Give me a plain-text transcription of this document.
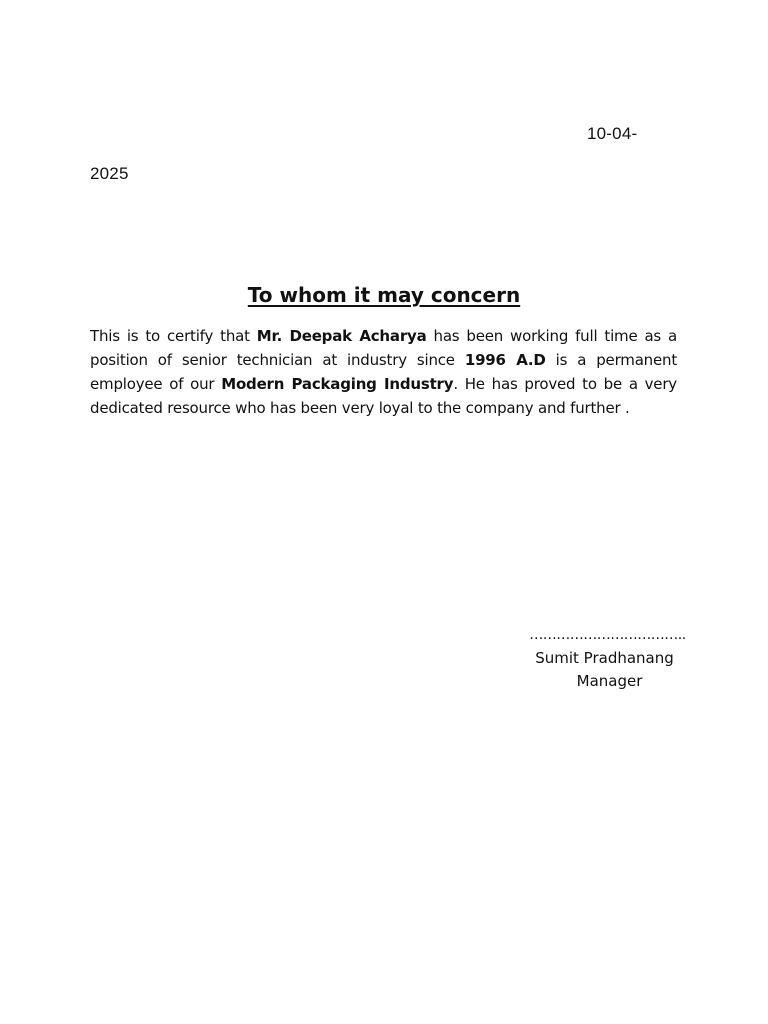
10-04-
2025
To whom it may concern
This is to certify that Mr. Deepak Acharya has been working full time as a position of senior technician at industry since 1996 A.D is a permanent employee of our Modern Packaging Industry. He has proved to be a very dedicated resource who has been very loyal to the company and further .
……………………………..
Sumit Pradhanang
Manager
